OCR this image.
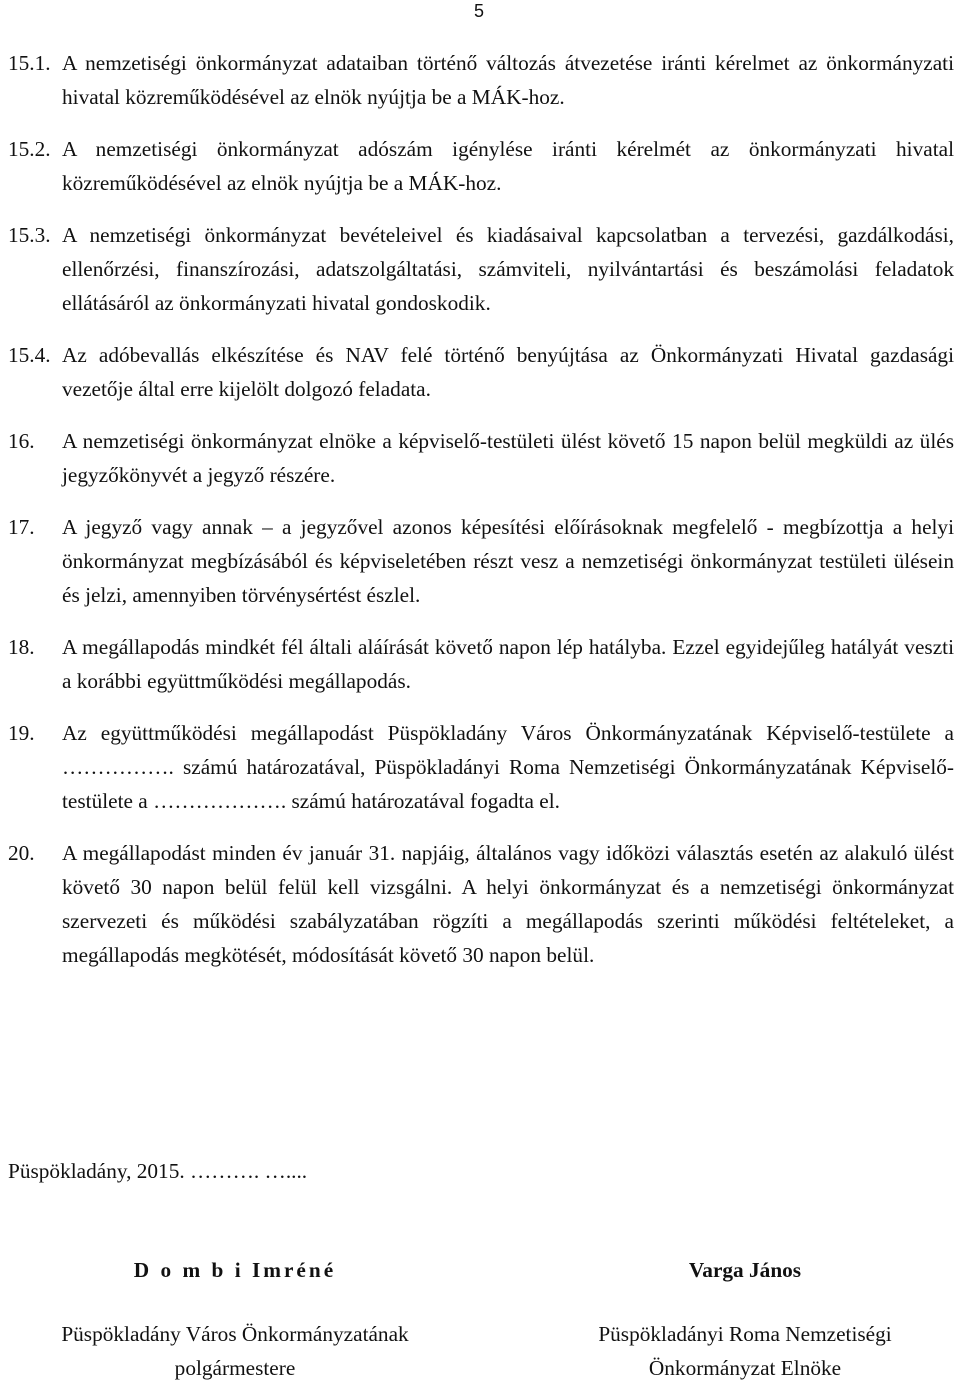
5
15.1. A nemzetiségi önkormányzat adataiban történő változás átvezetése iránti kérelmet az önkormányzati hivatal közreműködésével az elnök nyújtja be a MÁK-hoz.
15.2. A nemzetiségi önkormányzat adószám igénylése iránti kérelmét az önkormányzati hivatal közreműködésével az elnök nyújtja be a MÁK-hoz.
15.3. A nemzetiségi önkormányzat bevételeivel és kiadásaival kapcsolatban a tervezési, gazdálkodási, ellenőrzési, finanszírozási, adatszolgáltatási, számviteli, nyilvántartási és beszámolási feladatok ellátásáról az önkormányzati hivatal gondoskodik.
15.4. Az adóbevallás elkészítése és NAV felé történő benyújtása az Önkormányzati Hivatal gazdasági vezetője által erre kijelölt dolgozó feladata.
16.	A nemzetiségi önkormányzat elnöke a képviselő-testületi ülést követő 15 napon belül megküldi az ülés jegyzőkönyvét a jegyző részére.
17.	A jegyző vagy annak – a jegyzővel azonos képesítési előírásoknak megfelelő - megbízottja a helyi önkormányzat megbízásából és képviseletében részt vesz a nemzetiségi önkormányzat testületi ülésein és jelzi, amennyiben törvénysértést észlel.
18.	A megállapodás mindkét fél általi aláírását követő napon lép hatályba. Ezzel egyidejűleg hatályát veszti a korábbi együttműködési megállapodás.
19.	Az együttműködési megállapodást Püspökladány Város Önkormányzatának Képviselő-testülete a ……………. számú határozatával, Püspökladányi Roma Nemzetiségi Önkormányzatának Képviselő-testülete a ………………. számú határozatával fogadta el.
20.	A megállapodást minden év január 31. napjáig, általános vagy időközi választás esetén az alakuló ülést követő 30 napon belül felül kell vizsgálni. A helyi önkormányzat és a nemzetiségi önkormányzat szervezeti és működési szabályzatában rögzíti a megállapodás szerinti működési feltételeket, a megállapodás megkötését, módosítását követő 30 napon belül.
Püspökladány, 2015. ………. …....
D o m b i Imréné
Püspökladány Város Önkormányzatának
polgármestere
Varga János
Püspökladányi Roma Nemzetiségi
Önkormányzat Elnöke
